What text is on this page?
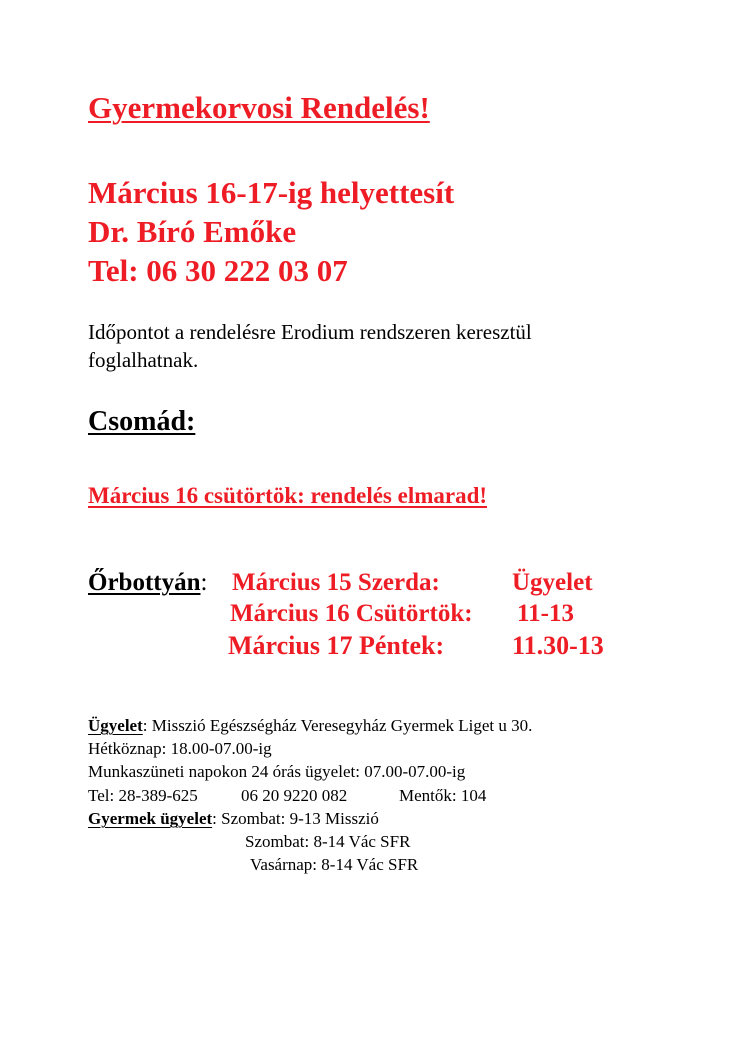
Gyermekorvosi Rendelés!
Március 16-17-ig helyettesít
Dr. Bíró Emőke
Tel: 06 30 222 03 07
Időpontot a rendelésre Erodium rendszeren keresztül
foglalhatnak.
Csomád:
Március 16 csütörtök: rendelés elmarad!
Őrbottyán: Március 15 Szerda:	Ügyelet
Március 16 Csütörtök: 11-13
Március 17 Péntek:	11.30-13
Ügyelet: Misszió Egészségház Veresegyház Gyermek Liget u 30.
Hétköznap: 18.00-07.00-ig
Munkaszüneti napokon 24 órás ügyelet: 07.00-07.00-ig
Tel: 28-389-625	06 20 9220 082	Mentők: 104
Gyermek ügyelet: Szombat: 9-13 Misszió
Szombat: 8-14 Vác SFR
Vasárnap: 8-14 Vác SFR
